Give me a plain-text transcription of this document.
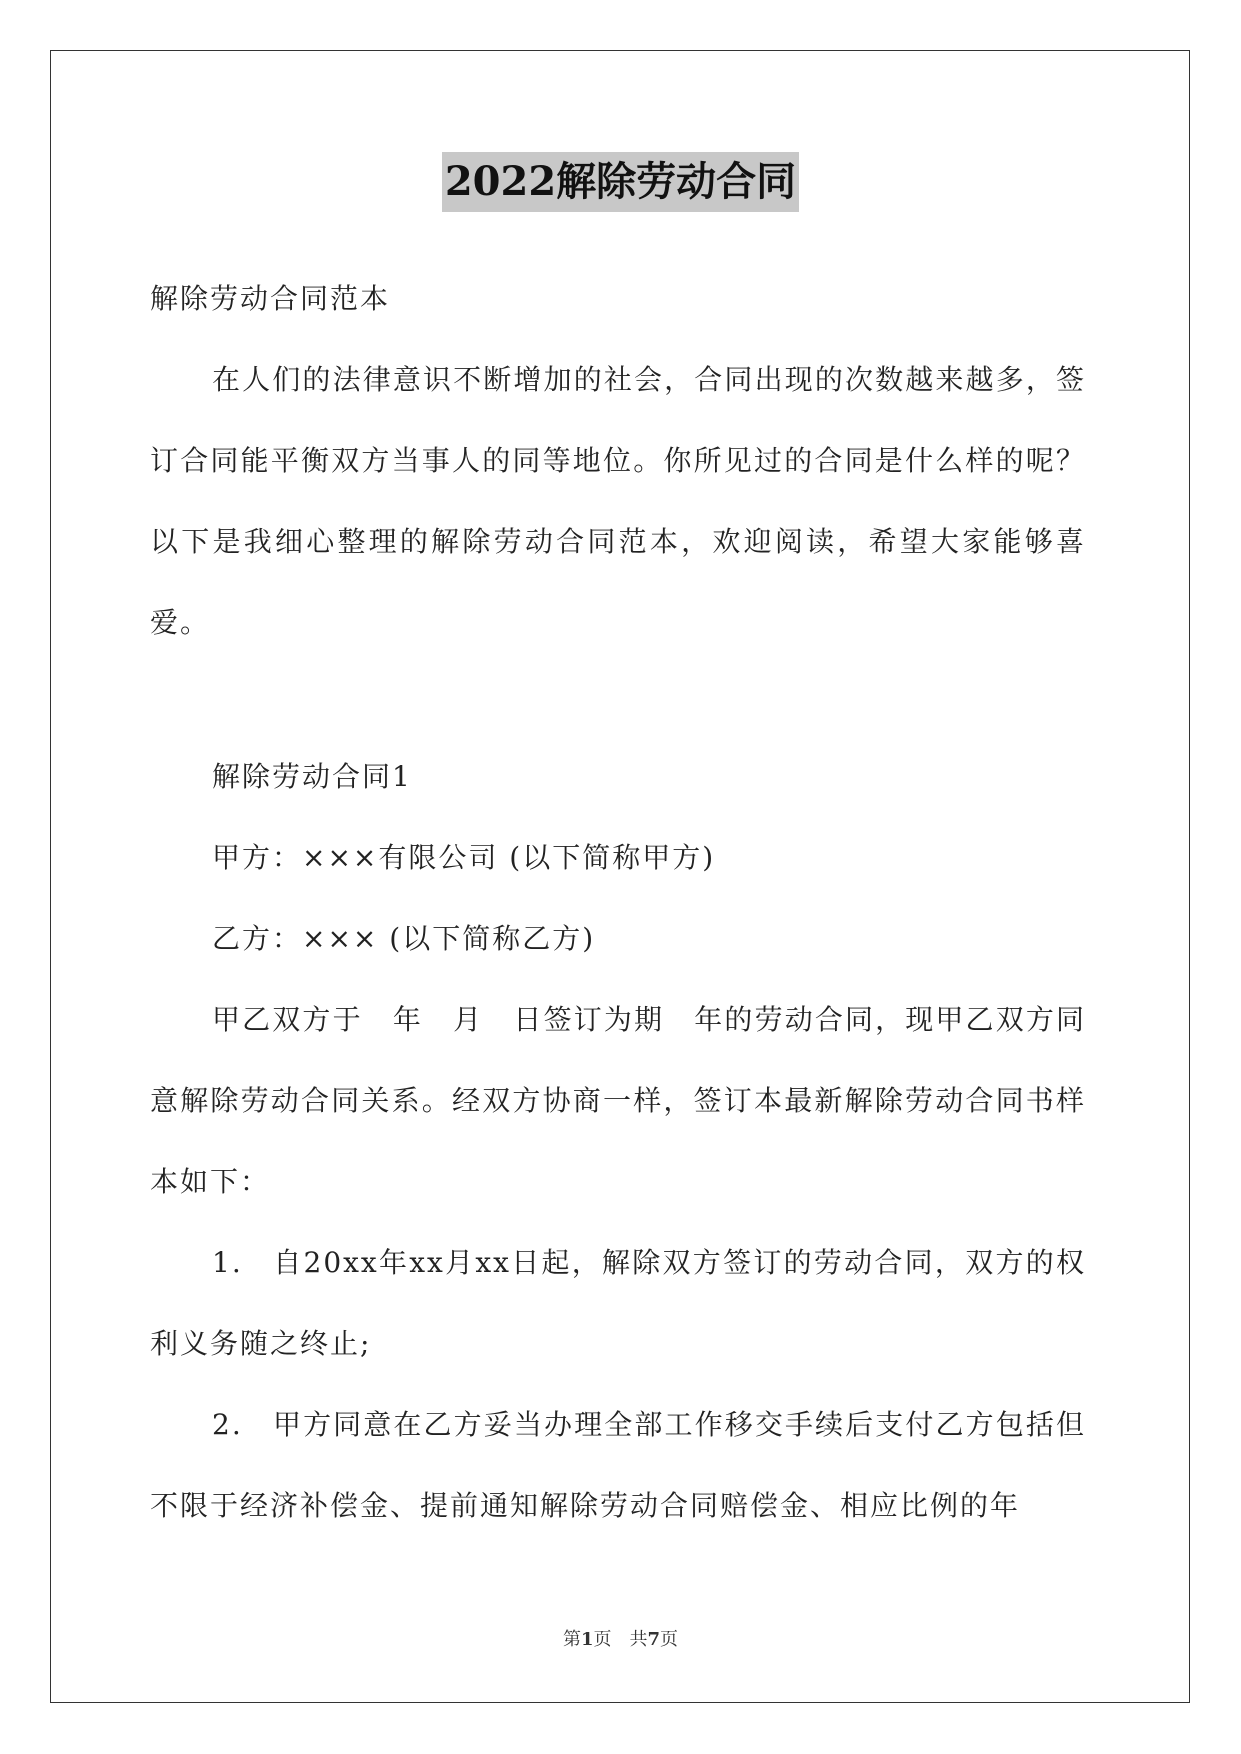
2022解除劳动合同

解除劳动合同范本

在人们的法律意识不断增加的社会，合同出现的次数越来越多，签订合同能平衡双方当事人的同等地位。你所见过的合同是什么样的呢？以下是我细心整理的解除劳动合同范本，欢迎阅读，希望大家能够喜爱。

解除劳动合同1

甲方：×××有限公司 (以下简称甲方)

乙方：××× (以下简称乙方)

甲乙双方于　年　月　日签订为期　年的劳动合同，现甲乙双方同意解除劳动合同关系。经双方协商一样，签订本最新解除劳动合同书样本如下：

1.　自20xx年xx月xx日起，解除双方签订的劳动合同，双方的权利义务随之终止;

2.　甲方同意在乙方妥当办理全部工作移交手续后支付乙方包括但不限于经济补偿金、提前通知解除劳动合同赔偿金、相应比例的年

第1页　共7页
